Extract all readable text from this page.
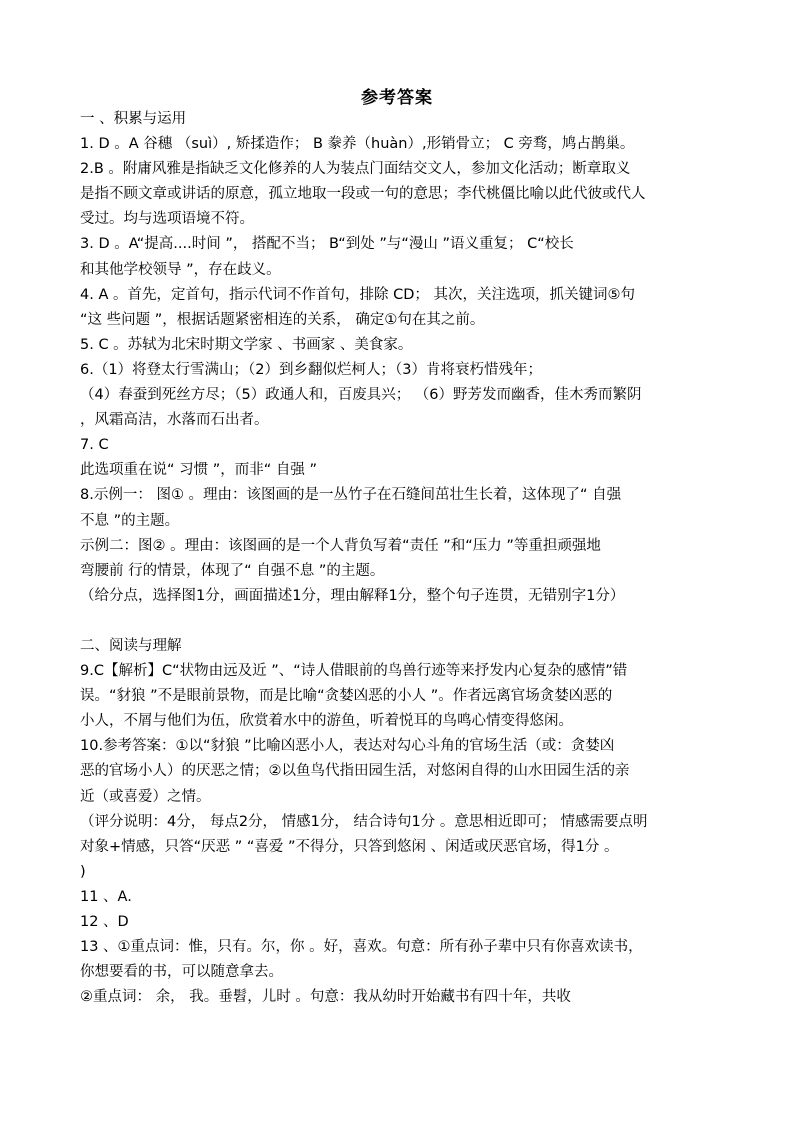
参考答案
一 、积累与运用
1. D 。A 谷穗 （suì）, 矫揉造作； B 豢养（huàn）,形销骨立； C 旁骛，鸠占鹊巢。
2.B 。附庸风雅是指缺乏文化修养的人为装点门面结交文人，参加文化活动；断章取义
是指不顾文章或讲话的原意，孤立地取一段或一句的意思；李代桃僵比喻以此代彼或代人
受过。均与选项语境不符。
3. D 。A“提高....时间 ”， 搭配不当； B“到处 ”与“漫山 ”语义重复； C“校长
和其他学校领导 ”，存在歧义。
4. A 。首先，定首句，指示代词不作首句，排除 CD； 其次，关注选项，抓关键词⑤句
“这 些问题 ”，根据话题紧密相连的关系， 确定①句在其之前。
5. C 。苏轼为北宋时期文学家 、书画家 、美食家。
6.（1）将登太行雪满山；（2）到乡翻似烂柯人；（3）肯将衰朽惜残年；
（4）春蚕到死丝方尽；（5）政通人和，百废具兴； （6）野芳发而幽香，佳木秀而繁阴
，风霜高洁，水落而石出者。
7. C
此选项重在说“ 习惯 ”，而非“ 自强 ”
8.示例一： 图① 。理由：该图画的是一丛竹子在石缝间茁壮生长着，这体现了“ 自强
不息 ”的主题。
示例二：图② 。理由：该图画的是一个人背负写着“责任 ”和“压力 ”等重担顽强地
弯腰前 行的情景，体现了“ 自强不息 ”的主题。
（给分点，选择图1分，画面描述1分，理由解释1分，整个句子连贯，无错别字1分）
二、阅读与理解
9.C【解析】C“状物由远及近 ”、“诗人借眼前的鸟兽行迹等来抒发内心复杂的感情”错
误。“豺狼 ”不是眼前景物，而是比喻“贪婪凶恶的小人 ”。作者远离官场贪婪凶恶的
小人，不屑与他们为伍，欣赏着水中的游鱼，听着悦耳的鸟鸣心情变得悠闲。
10.参考答案：①以“豺狼 ”比喻凶恶小人，表达对勾心斗角的官场生活（或：贪婪凶
恶的官场小人）的厌恶之情；②以鱼鸟代指田园生活，对悠闲自得的山水田园生活的亲
近（或喜爱）之情。
（评分说明：4分， 每点2分， 情感1分， 结合诗句1分 。意思相近即可； 情感需要点明
对象+情感，只答“厌恶 ” “喜爱 ”不得分，只答到悠闲 、闲适或厌恶官场，得1分 。
)
11 、A.
12 、D
13 、①重点词：惟，只有。尔，你 。好，喜欢。句意：所有孙子辈中只有你喜欢读书，
你想要看的书，可以随意拿去。
②重点词： 余， 我。垂髫，儿时 。句意：我从幼时开始藏书有四十年，共收
